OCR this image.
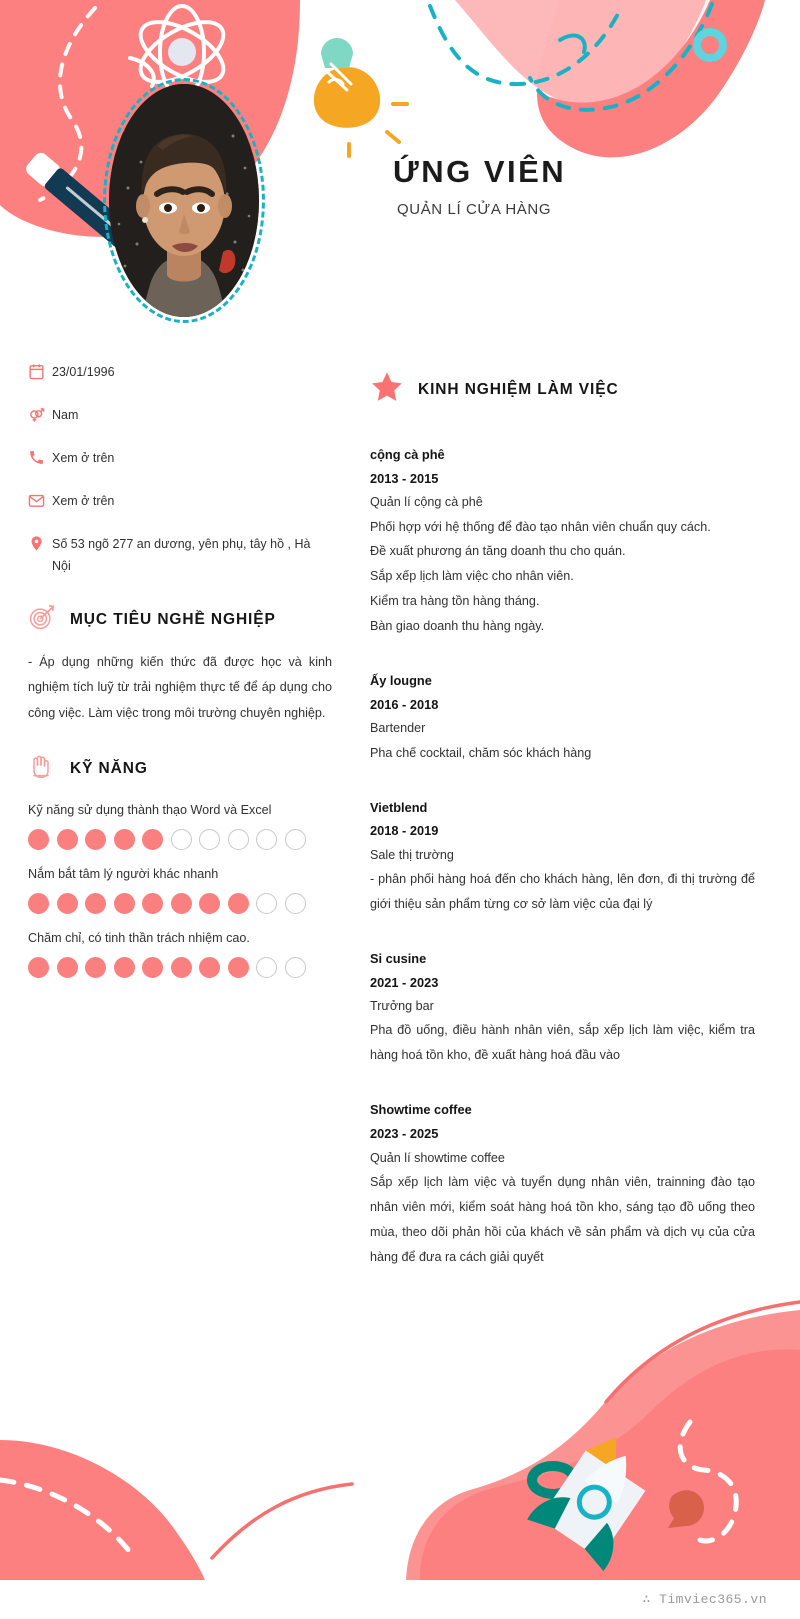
ỨNG VIÊN
QUẢN LÍ CỬA HÀNG
23/01/1996
Nam
Xem ở trên
Xem ở trên
Số 53 ngõ 277 an dương, yên phụ, tây hồ , Hà Nội
MỤC TIÊU NGHỀ NGHIỆP
- Áp dụng những kiến thức đã được học và kinh nghiệm tích luỹ từ trải nghiệm thực tế để áp dụng cho công việc. Làm việc trong môi trường chuyên nghiệp.
KỸ NĂNG
Kỹ năng sử dụng thành thạo Word và Excel
Nắm bắt tâm lý người khác nhanh
Chăm chỉ, có tinh thần trách nhiệm cao.
KINH NGHIỆM LÀM VIỆC
cộng cà phê
2013 - 2015
Quản lí cộng cà phê
Phối hợp với hệ thống để đào tạo nhân viên chuẩn quy cách.
Đề xuất phương án tăng doanh thu cho quán.
Sắp xếp lịch làm việc cho nhân viên.
Kiểm tra hàng tồn hàng tháng.
Bàn giao doanh thu hàng ngày.
Ấy lougne
2016 - 2018
Bartender
Pha chế cocktail, chăm sóc khách hàng
Vietblend
2018 - 2019
Sale thị trường
- phân phối hàng hoá đến cho khách hàng, lên đơn, đi thị trường để giới thiệu sản phẩm từng cơ sở làm việc của đại lý
Si cusine
2021 - 2023
Trưởng bar
Pha đồ uống, điều hành nhân viên, sắp xếp lịch làm việc, kiểm tra hàng hoá tồn kho, đề xuất hàng hoá đầu vào
Showtime coffee
2023 - 2025
Quản lí showtime coffee
Sắp xếp lịch làm việc và tuyển dụng nhân viên, trainning đào tạo nhân viên mới, kiểm soát hàng hoá tồn kho, sáng tạo đồ uống theo mùa, theo dõi phản hồi của khách về sản phẩm và dịch vụ của cửa hàng để đưa ra cách giải quyết
∴ Timviec365.vn
